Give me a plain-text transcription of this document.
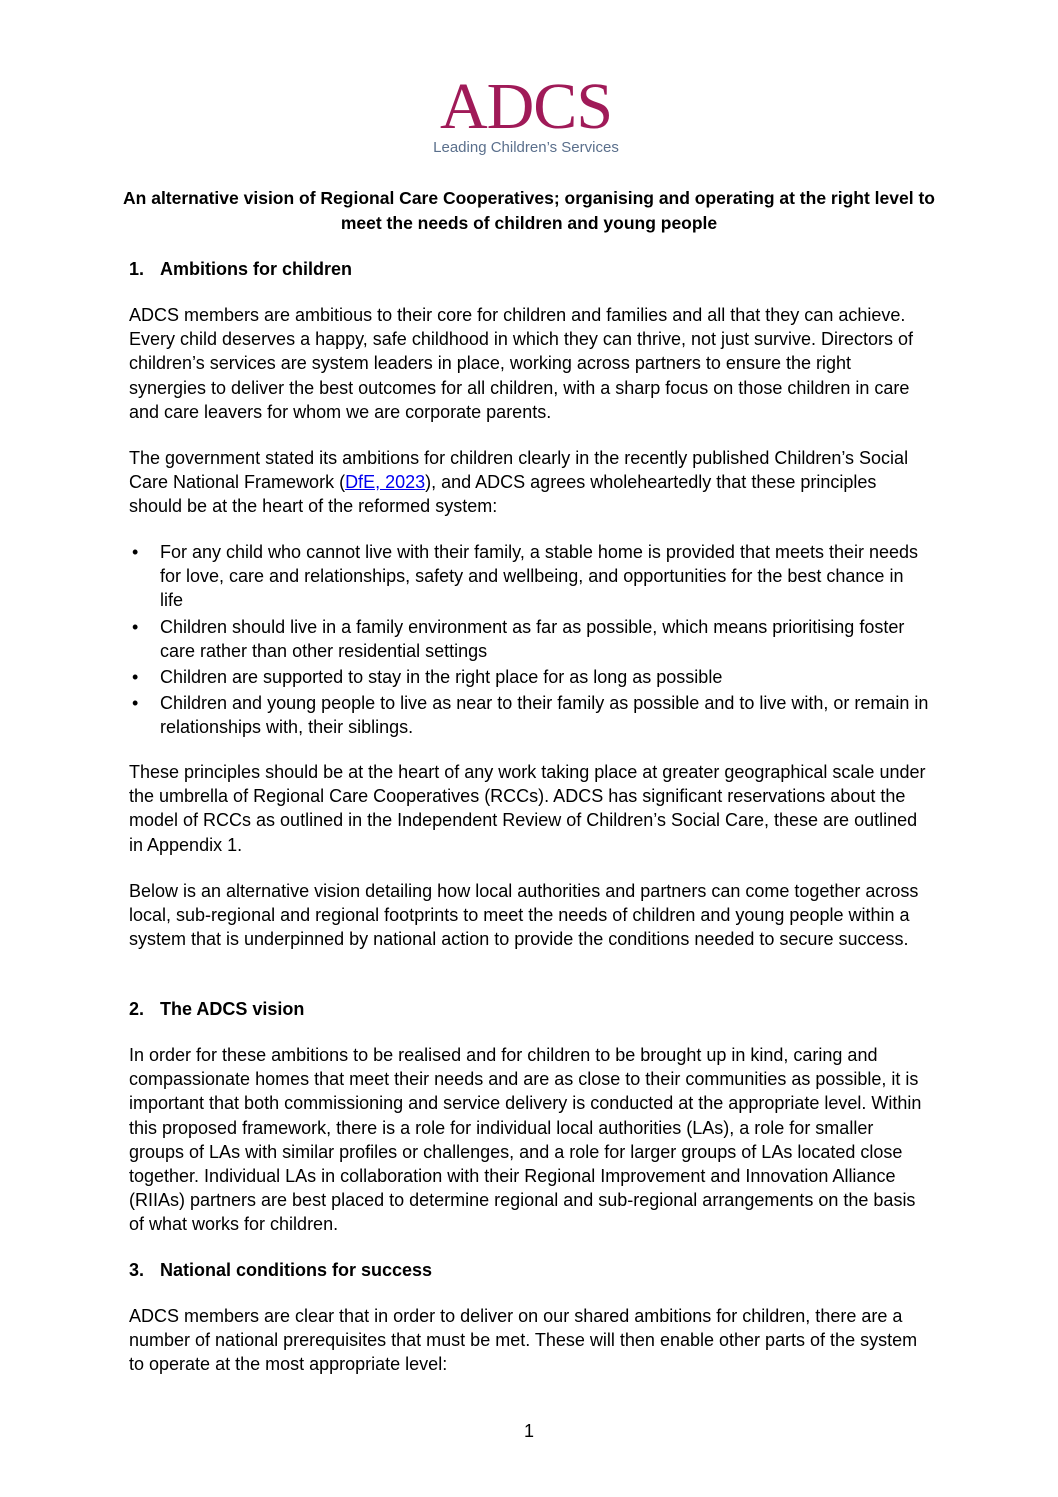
ADCS
Leading Children’s Services
An alternative vision of Regional Care Cooperatives; organising and operating at the right level to meet the needs of children and young people
1. Ambitions for children
ADCS members are ambitious to their core for children and families and all that they can achieve. Every child deserves a happy, safe childhood in which they can thrive, not just survive. Directors of children’s services are system leaders in place, working across partners to ensure the right synergies to deliver the best outcomes for all children, with a sharp focus on those children in care and care leavers for whom we are corporate parents.
The government stated its ambitions for children clearly in the recently published Children’s Social Care National Framework (DfE, 2023), and ADCS agrees wholeheartedly that these principles should be at the heart of the reformed system:
• For any child who cannot live with their family, a stable home is provided that meets their needs for love, care and relationships, safety and wellbeing, and opportunities for the best chance in life
• Children should live in a family environment as far as possible, which means prioritising foster care rather than other residential settings
• Children are supported to stay in the right place for as long as possible
• Children and young people to live as near to their family as possible and to live with, or remain in relationships with, their siblings.
These principles should be at the heart of any work taking place at greater geographical scale under the umbrella of Regional Care Cooperatives (RCCs). ADCS has significant reservations about the model of RCCs as outlined in the Independent Review of Children’s Social Care, these are outlined in Appendix 1.
Below is an alternative vision detailing how local authorities and partners can come together across local, sub-regional and regional footprints to meet the needs of children and young people within a system that is underpinned by national action to provide the conditions needed to secure success.
2. The ADCS vision
In order for these ambitions to be realised and for children to be brought up in kind, caring and compassionate homes that meet their needs and are as close to their communities as possible, it is important that both commissioning and service delivery is conducted at the appropriate level. Within this proposed framework, there is a role for individual local authorities (LAs), a role for smaller groups of LAs with similar profiles or challenges, and a role for larger groups of LAs located close together. Individual LAs in collaboration with their Regional Improvement and Innovation Alliance (RIIAs) partners are best placed to determine regional and sub-regional arrangements on the basis of what works for children.
3. National conditions for success
ADCS members are clear that in order to deliver on our shared ambitions for children, there are a number of national prerequisites that must be met. These will then enable other parts of the system to operate at the most appropriate level:
1
